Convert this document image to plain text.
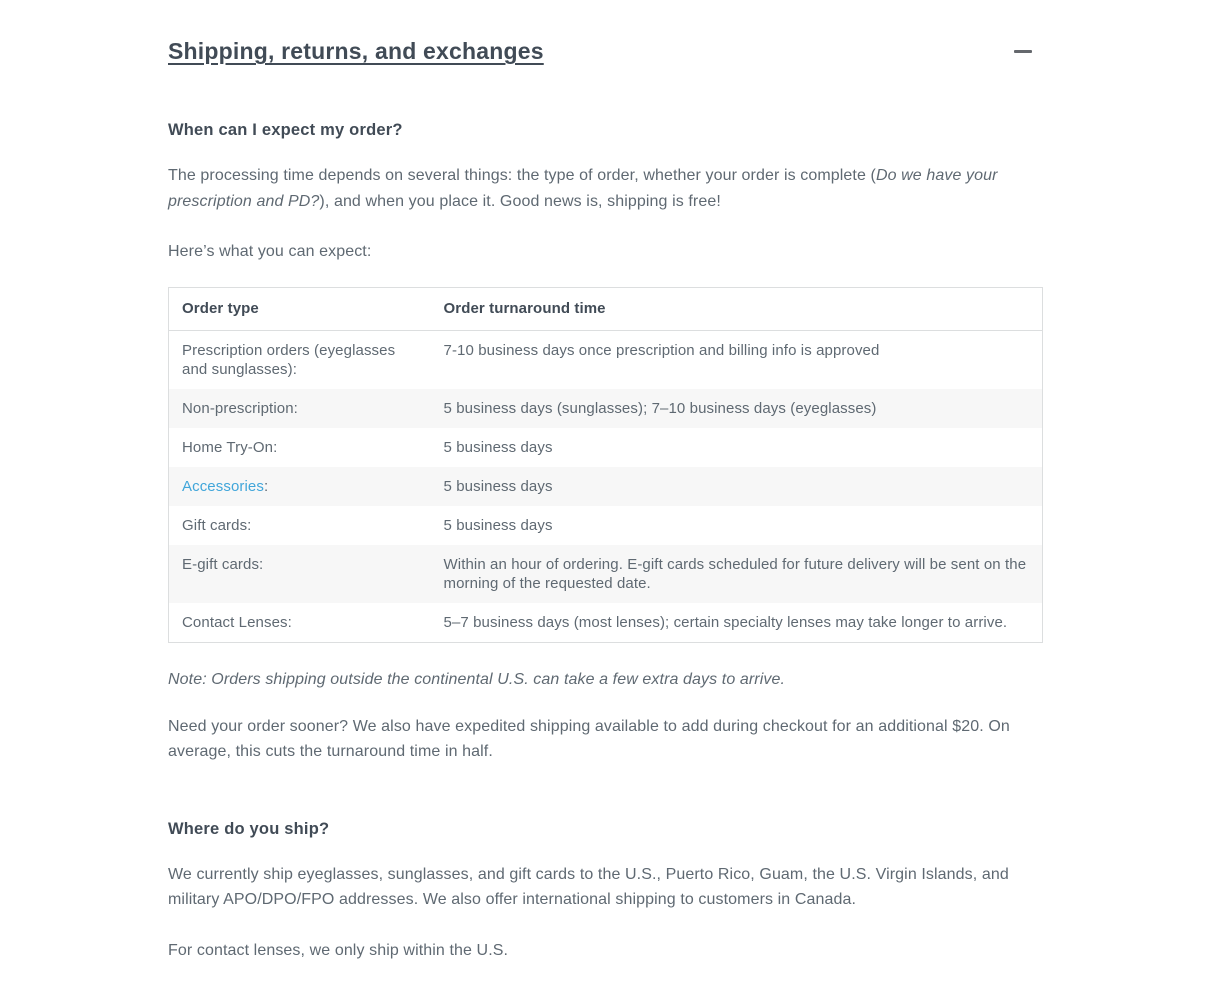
Shipping, returns, and exchanges
When can I expect my order?

The processing time depends on several things: the type of order, whether your order is complete (Do we have your prescription and PD?), and when you place it. Good news is, shipping is free!

Here’s what you can expect:

Order type	Order turnaround time
Prescription orders (eyeglasses and sunglasses):	7-10 business days once prescription and billing info is approved
Non-prescription:	5 business days (sunglasses); 7–10 business days (eyeglasses)
Home Try-On:	5 business days
Accessories:	5 business days
Gift cards:	5 business days
E-gift cards:	Within an hour of ordering. E-gift cards scheduled for future delivery will be sent on the morning of the requested date.
Contact Lenses:	5–7 business days (most lenses); certain specialty lenses may take longer to arrive.

Note: Orders shipping outside the continental U.S. can take a few extra days to arrive.

Need your order sooner? We also have expedited shipping available to add during checkout for an additional $20. On average, this cuts the turnaround time in half.

Where do you ship?

We currently ship eyeglasses, sunglasses, and gift cards to the U.S., Puerto Rico, Guam, the U.S. Virgin Islands, and military APO/DPO/FPO addresses. We also offer international shipping to customers in Canada.

For contact lenses, we only ship within the U.S.
